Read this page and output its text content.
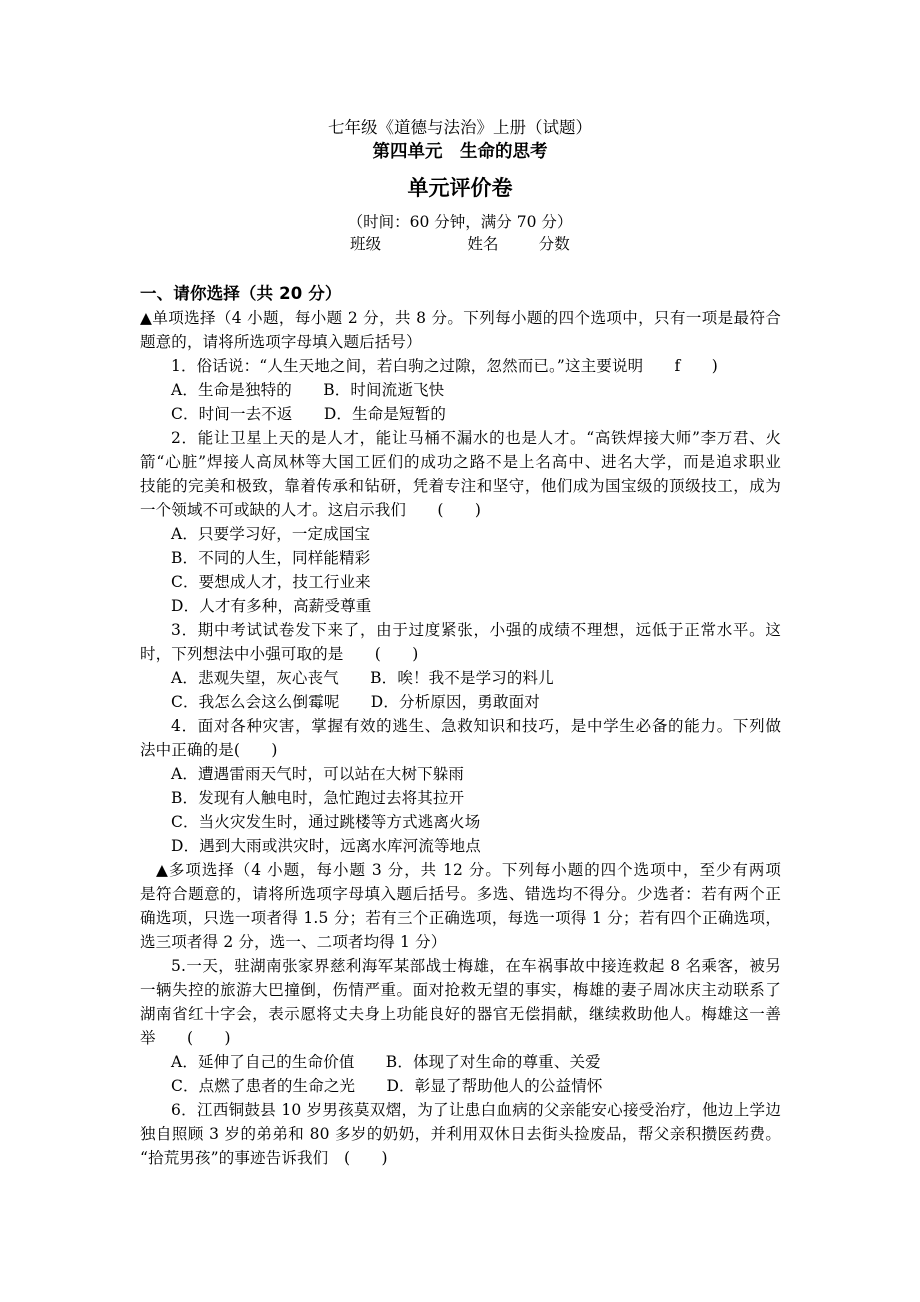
七年级《道德与法治》上册（试题）
第四单元　生命的思考
单元评价卷
（时间：60 分钟，满分 70 分）
班级	姓名	分数
一、请你选择（共 20 分）
▲单项选择（4 小题，每小题 2 分，共 8 分。下列每小题的四个选项中，只有一项是最符合
题意的，请将所选项字母填入题后括号）
1．俗话说：“人生天地之间，若白驹之过隙，忽然而已。”这主要说明　　f　　)
A．生命是独特的　　B．时间流逝飞快
C．时间一去不返　　D．生命是短暂的
2．能让卫星上天的是人才，能让马桶不漏水的也是人才。“高铁焊接大师”李万君、火
箭“心脏”焊接人高凤林等大国工匠们的成功之路不是上名高中、进名大学，而是追求职业
技能的完美和极致，靠着传承和钻研，凭着专注和坚守，他们成为国宝级的顶级技工，成为
一个领域不可或缺的人才。这启示我们　　(　　)
A．只要学习好，一定成国宝
B．不同的人生，同样能精彩
C．要想成人才，技工行业来
D．人才有多种，高薪受尊重
3．期中考试试卷发下来了，由于过度紧张，小强的成绩不理想，远低于正常水平。这
时，下列想法中小强可取的是　　(　　)
A．悲观失望，灰心丧气　　B．唉！我不是学习的料儿
C．我怎么会这么倒霉呢　　D．分析原因，勇敢面对
4．面对各种灾害，掌握有效的逃生、急救知识和技巧，是中学生必备的能力。下列做
法中正确的是(　　)
A．遭遇雷雨天气时，可以站在大树下躲雨
B．发现有人触电时，急忙跑过去将其拉开
C．当火灾发生时，通过跳楼等方式逃离火场
D．遇到大雨或洪灾时，远离水库河流等地点
▲多项选择（4 小题，每小题 3 分，共 12 分。下列每小题的四个选项中，至少有两项
是符合题意的，请将所选项字母填入题后括号。多选、错选均不得分。少选者：若有两个正
确选项，只选一项者得 1.5 分；若有三个正确选项，每选一项得 1 分；若有四个正确选项，
选三项者得 2 分，选一、二项者均得 1 分）
5.一天，驻湖南张家界慈利海军某部战士梅雄，在车祸事故中接连救起 8 名乘客，被另
一辆失控的旅游大巴撞倒，伤情严重。面对抢救无望的事实，梅雄的妻子周冰庆主动联系了
湖南省红十字会，表示愿将丈夫身上功能良好的器官无偿捐献，继续救助他人。梅雄这一善
举　　(　　)
A．延伸了自己的生命价值　　B．体现了对生命的尊重、关爱
C．点燃了患者的生命之光　　D．彰显了帮助他人的公益情怀
6．江西铜鼓县 10 岁男孩莫双熠，为了让患白血病的父亲能安心接受治疗，他边上学边
独自照顾 3 岁的弟弟和 80 多岁的奶奶，并利用双休日去街头捡废品，帮父亲积攒医药费。
“拾荒男孩”的事迹告诉我们　(　　)
